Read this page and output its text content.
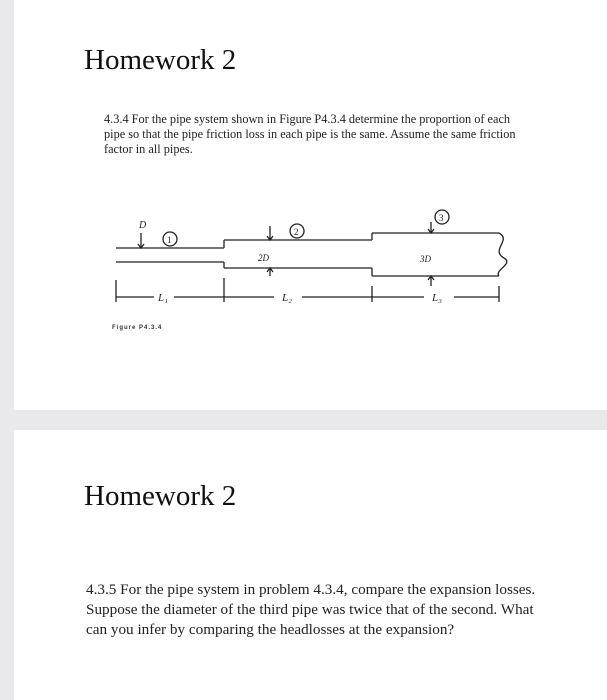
Homework 2

4.3.4 For the pipe system shown in Figure P4.3.4 determine the proportion of each pipe so that the pipe friction loss in each pipe is the same. Assume the same friction factor in all pipes.

D
2D	3D
L₁	L₂	L₃
1
2
3
Figure P4.3.4
Homework 2

4.3.5 For the pipe system in problem 4.3.4, compare the expansion losses. Suppose the diameter of the third pipe was twice that of the second. What can you infer by comparing the headlosses at the expansion?
